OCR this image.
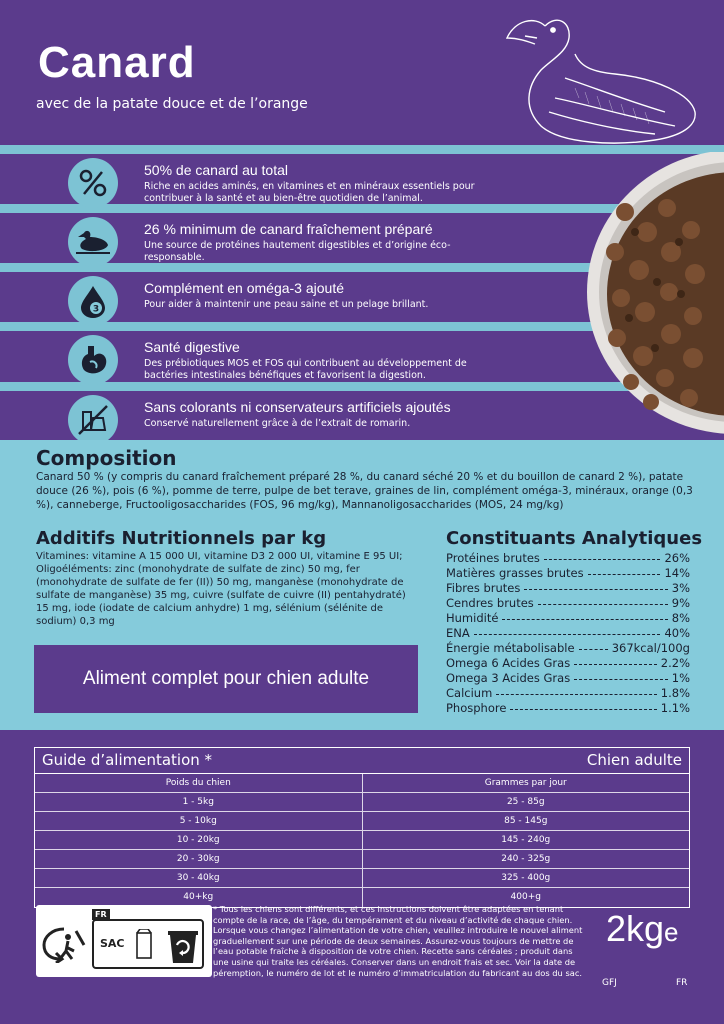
Canard
avec de la patate douce et de l’orange
50% de canard au total
Riche en acides aminés, en vitamines et en minéraux essentiels pour contribuer à la santé et au bien-être quotidien de l’animal.
26 % minimum de canard fraîchement préparé
Une source de protéines hautement digestibles et d’origine éco-responsable.
3
Complément en oméga-3 ajouté
Pour aider à maintenir une peau saine et un pelage brillant.
Santé digestive
Des prébiotiques MOS et FOS qui contribuent au développement de bactéries intestinales bénéfiques et favorisent la digestion.
Sans colorants ni conservateurs artificiels ajoutés
Conservé naturellement grâce à de l’extrait de romarin.
Composition
Canard 50 % (y compris du canard fraîchement préparé 28 %, du canard séché 20 % et du bouillon de canard 2 %), patate douce (26 %), pois (6 %), pomme de terre, pulpe de bet terave, graines de lin, complément oméga-3, minéraux, orange (0,3 %), canneberge, Fructooligosaccharides (FOS, 96 mg/kg), Mannanoligosaccharides (MOS, 24 mg/kg)
Additifs Nutritionnels par kg
Vitamines: vitamine A 15 000 UI, vitamine D3 2 000 UI, vitamine E 95 UI; Oligoéléments: zinc (monohydrate de sulfate de zinc) 50 mg, fer (monohydrate de sulfate de fer (II)) 50 mg, manganèse (monohydrate de sulfate de manganèse) 35 mg, cuivre (sulfate de cuivre (II) pentahydraté) 15 mg, iode (iodate de calcium anhydre) 1 mg, sélénium (sélénite de sodium) 0,3 mg
Constituants Analytiques
Protéines brutes	26%
Matières grasses brutes	14%
Fibres brutes	3%
Cendres brutes	9%
Humidité	8%
ENA	40%
Énergie métabolisable	367kcal/100g
Omega 6 Acides Gras	2.2%
Omega 3 Acides Gras	1%
Calcium	1.8%
Phosphore	1.1%
Aliment complet pour chien adulte
Guide d’alimentation *	Chien adulte
Poids du chien	Grammes par jour
1 - 5kg	25 - 85g
5 - 10kg	85 - 145g
10 - 20kg	145 - 240g
20 - 30kg	240 - 325g
30 - 40kg	325 - 400g
40+kg	400+g
FR
SAC
* Tous les chiens sont différents, et ces instructions doivent être adaptées en tenant compte de la race, de l’âge, du tempérament et du niveau d’activité de chaque chien. Lorsque vous changez l’alimentation de votre chien, veuillez introduire le nouvel aliment graduellement sur une période de deux semaines. Assurez-vous toujours de mettre de l’eau potable fraîche à disposition de votre chien. Recette sans céréales ; produit dans une usine qui traite les céréales. Conserver dans un endroit frais et sec. Voir la date de péremption, le numéro de lot et le numéro d’immatriculation du fabricant au dos du sac.
2kge
GFJ	FR
